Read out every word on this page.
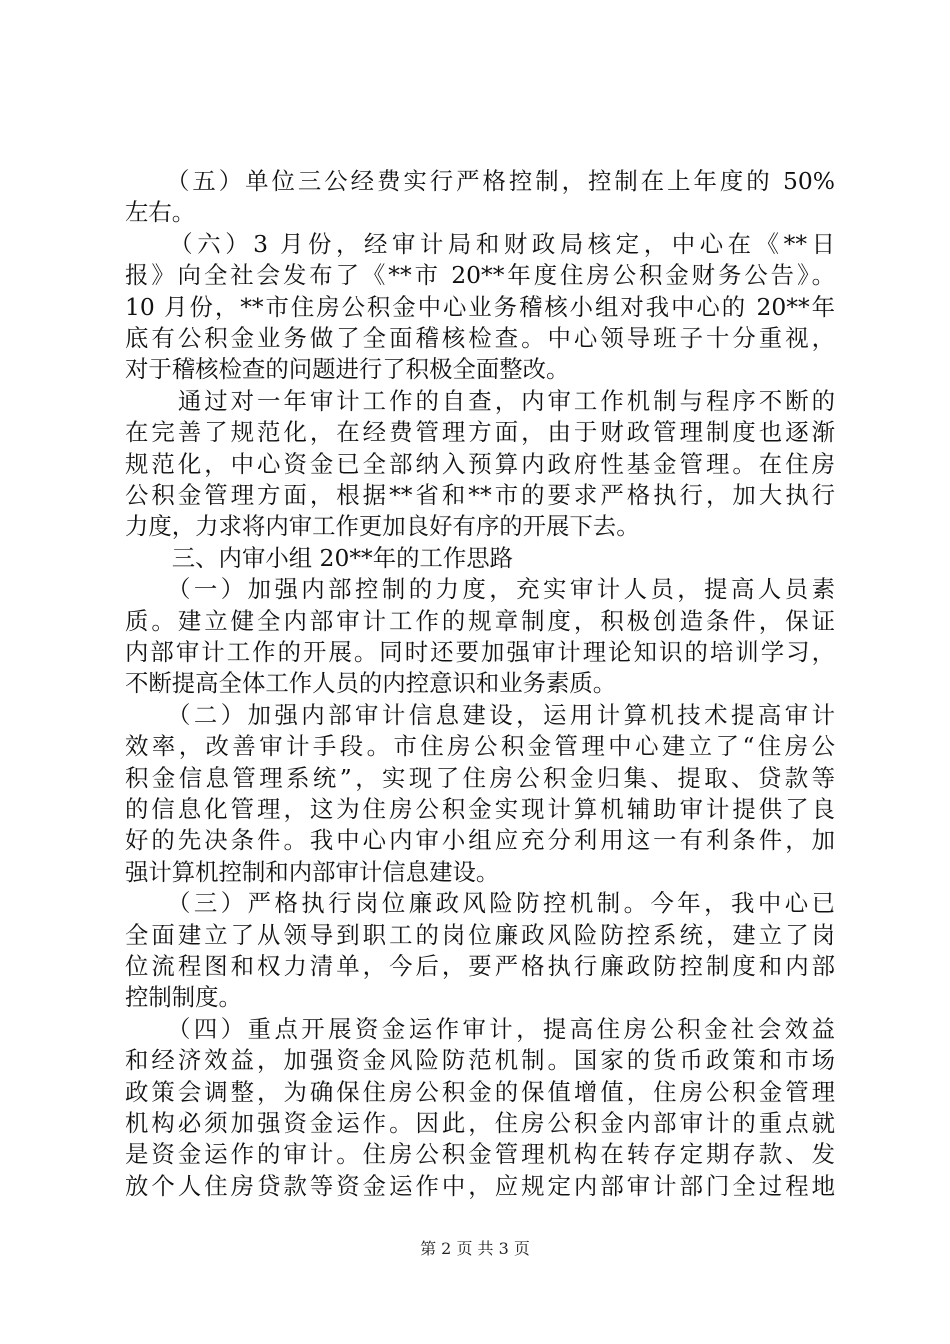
　　（五）单位三公经费实行严格控制，控制在上年度的 50%
左右。
　　（六）3 月份，经审计局和财政局核定，中心在《**日
报》向全社会发布了《**市 20**年度住房公积金财务公告》。
10 月份，**市住房公积金中心业务稽核小组对我中心的 20**年
底有公积金业务做了全面稽核检查。中心领导班子十分重视，
对于稽核检查的问题进行了积极全面整改。
　　通过对一年审计工作的自查，内审工作机制与程序不断的
在完善了规范化，在经费管理方面，由于财政管理制度也逐渐
规范化，中心资金已全部纳入预算内政府性基金管理。在住房
公积金管理方面，根据**省和**市的要求严格执行，加大执行
力度，力求将内审工作更加良好有序的开展下去。
　　三、内审小组 20**年的工作思路
　　（一）加强内部控制的力度，充实审计人员，提高人员素
质。建立健全内部审计工作的规章制度，积极创造条件，保证
内部审计工作的开展。同时还要加强审计理论知识的培训学习，
不断提高全体工作人员的内控意识和业务素质。
　　（二）加强内部审计信息建设，运用计算机技术提高审计
效率，改善审计手段。市住房公积金管理中心建立了“住房公
积金信息管理系统”，实现了住房公积金归集、提取、贷款等
的信息化管理，这为住房公积金实现计算机辅助审计提供了良
好的先决条件。我中心内审小组应充分利用这一有利条件，加
强计算机控制和内部审计信息建设。
　　（三）严格执行岗位廉政风险防控机制。今年，我中心已
全面建立了从领导到职工的岗位廉政风险防控系统，建立了岗
位流程图和权力清单，今后，要严格执行廉政防控制度和内部
控制制度。
　　（四）重点开展资金运作审计，提高住房公积金社会效益
和经济效益，加强资金风险防范机制。国家的货币政策和市场
政策会调整，为确保住房公积金的保值增值，住房公积金管理
机构必须加强资金运作。因此，住房公积金内部审计的重点就
是资金运作的审计。住房公积金管理机构在转存定期存款、发
放个人住房贷款等资金运作中，应规定内部审计部门全过程地
第 2 页 共 3 页
